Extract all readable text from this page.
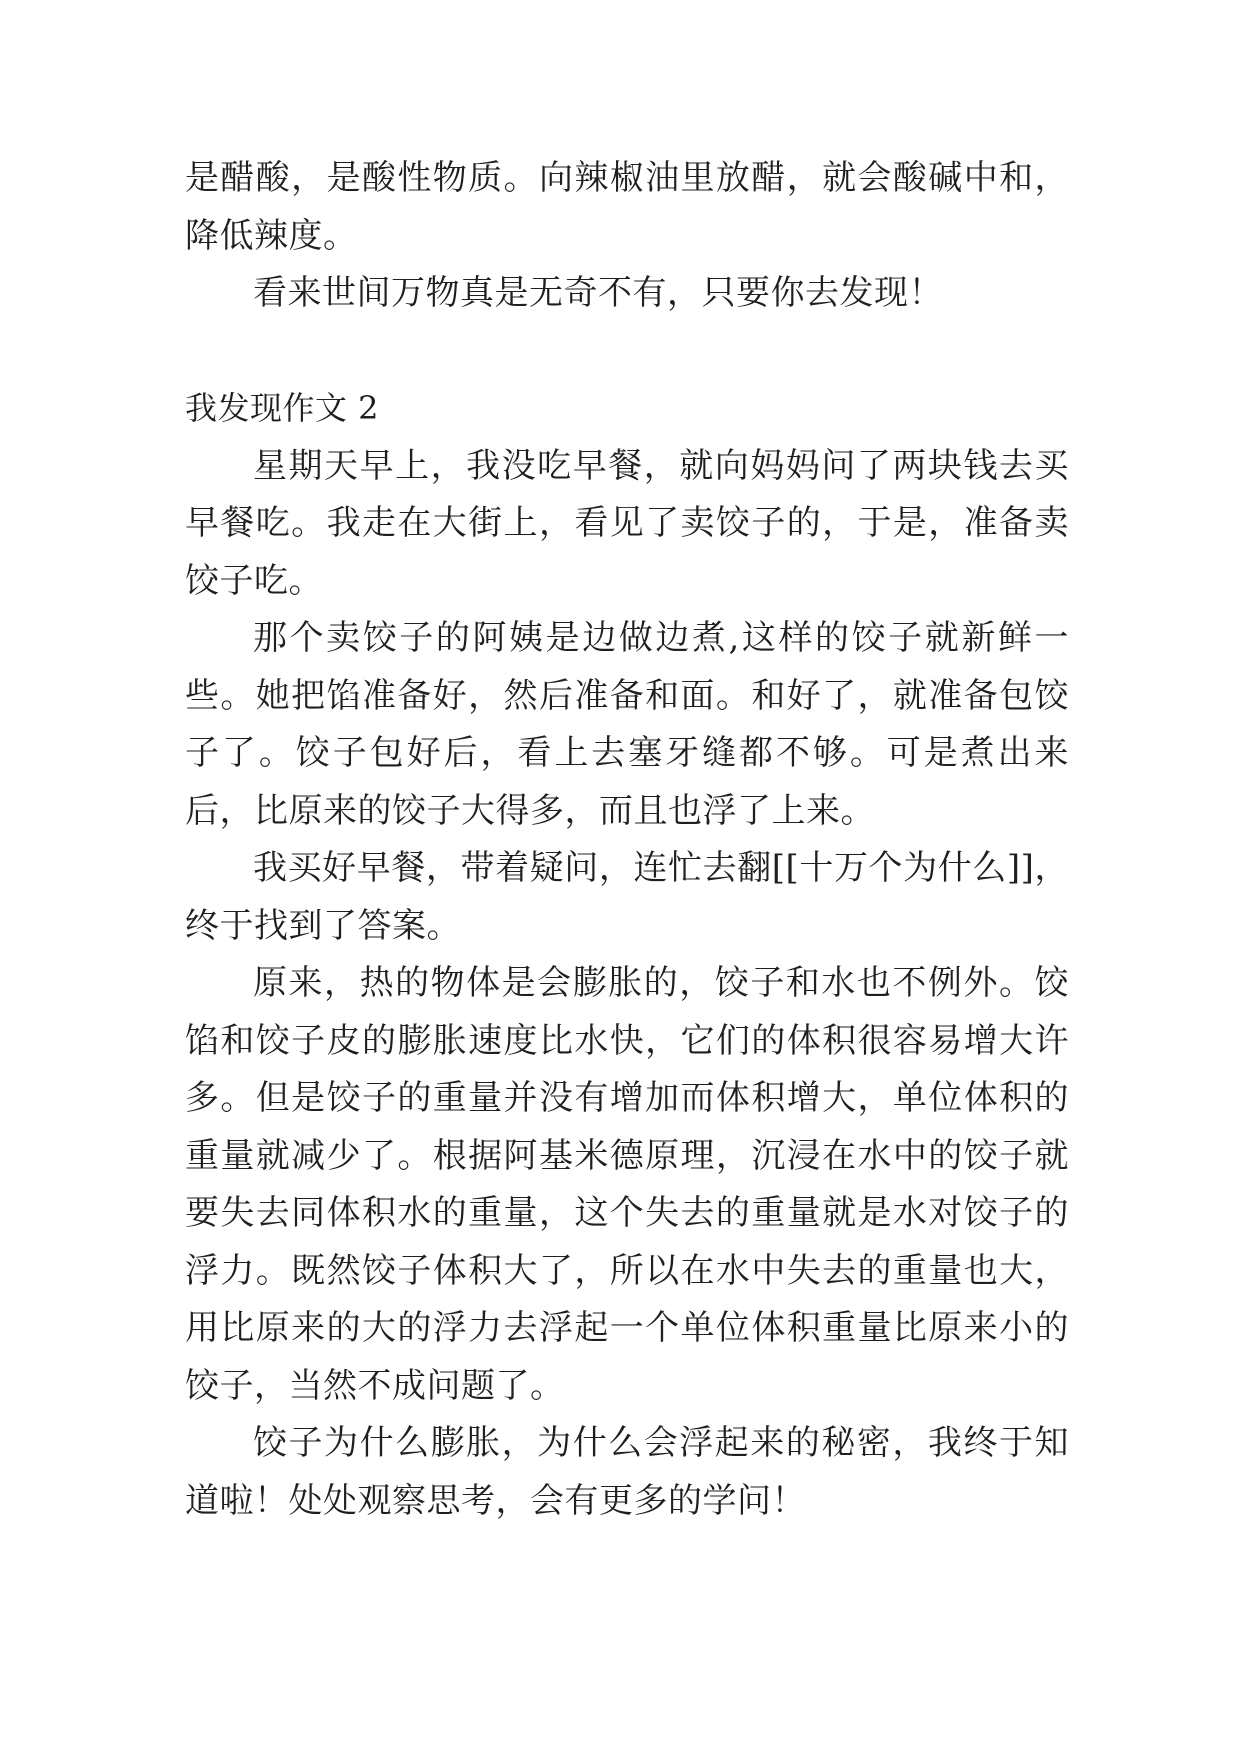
是醋酸，是酸性物质。向辣椒油里放醋，就会酸碱中和，降低辣度。

看来世间万物真是无奇不有，只要你去发现！

我发现作文 2

星期天早上，我没吃早餐，就向妈妈问了两块钱去买早餐吃。我走在大街上，看见了卖饺子的，于是，准备卖饺子吃。

那个卖饺子的阿姨是边做边煮,这样的饺子就新鲜一些。她把馅准备好，然后准备和面。和好了，就准备包饺子了。饺子包好后，看上去塞牙缝都不够。可是煮出来后，比原来的饺子大得多，而且也浮了上来。

我买好早餐，带着疑问，连忙去翻[[十万个为什么]]，终于找到了答案。

原来，热的物体是会膨胀的，饺子和水也不例外。饺馅和饺子皮的膨胀速度比水快，它们的体积很容易增大许多。但是饺子的重量并没有增加而体积增大，单位体积的重量就减少了。根据阿基米德原理，沉浸在水中的饺子就要失去同体积水的重量，这个失去的重量就是水对饺子的浮力。既然饺子体积大了，所以在水中失去的重量也大，用比原来的大的浮力去浮起一个单位体积重量比原来小的饺子，当然不成问题了。

饺子为什么膨胀，为什么会浮起来的秘密，我终于知道啦！处处观察思考，会有更多的学问！
